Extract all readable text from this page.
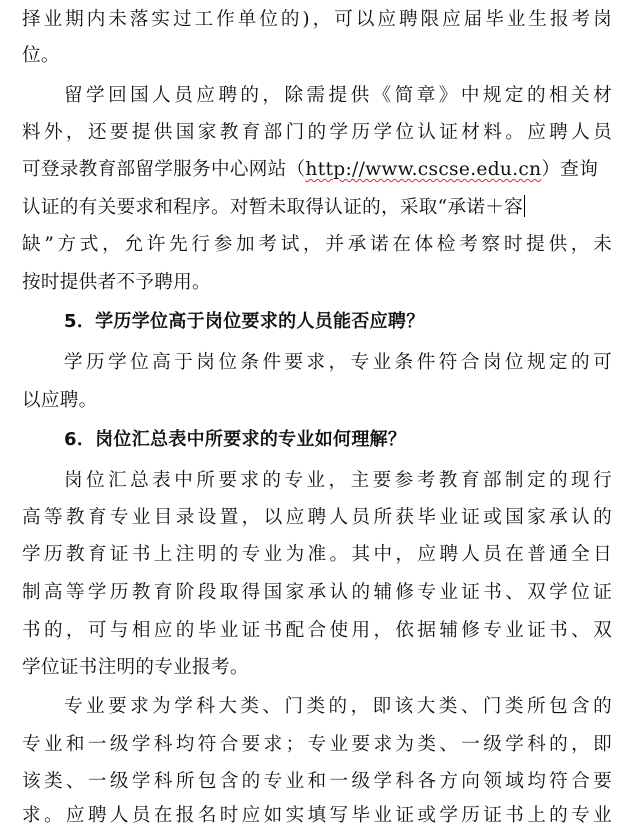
择业期内未落实过工作单位的)，可以应聘限应届毕业生报考岗
位。
留学回国人员应聘的，除需提供《简章》中规定的相关材
料外，还要提供国家教育部门的学历学位认证材料。应聘人员
可登录教育部留学服务中心网站（http://www.cscse.edu.cn）查询
认证的有关要求和程序。对暂未取得认证的，采取“承诺＋容
缺”方式，允许先行参加考试，并承诺在体检考察时提供，未
按时提供者不予聘用。
5．学历学位高于岗位要求的人员能否应聘？
学历学位高于岗位条件要求，专业条件符合岗位规定的可
以应聘。
6．岗位汇总表中所要求的专业如何理解？
岗位汇总表中所要求的专业，主要参考教育部制定的现行
高等教育专业目录设置，以应聘人员所获毕业证或国家承认的
学历教育证书上注明的专业为准。其中，应聘人员在普通全日
制高等学历教育阶段取得国家承认的辅修专业证书、双学位证
书的，可与相应的毕业证书配合使用，依据辅修专业证书、双
学位证书注明的专业报考。
专业要求为学科大类、门类的，即该大类、门类所包含的
专业和一级学科均符合要求；专业要求为类、一级学科的，即
该类、一级学科所包含的专业和一级学科各方向领域均符合要
求。应聘人员在报名时应如实填写毕业证或学历证书上的专业
